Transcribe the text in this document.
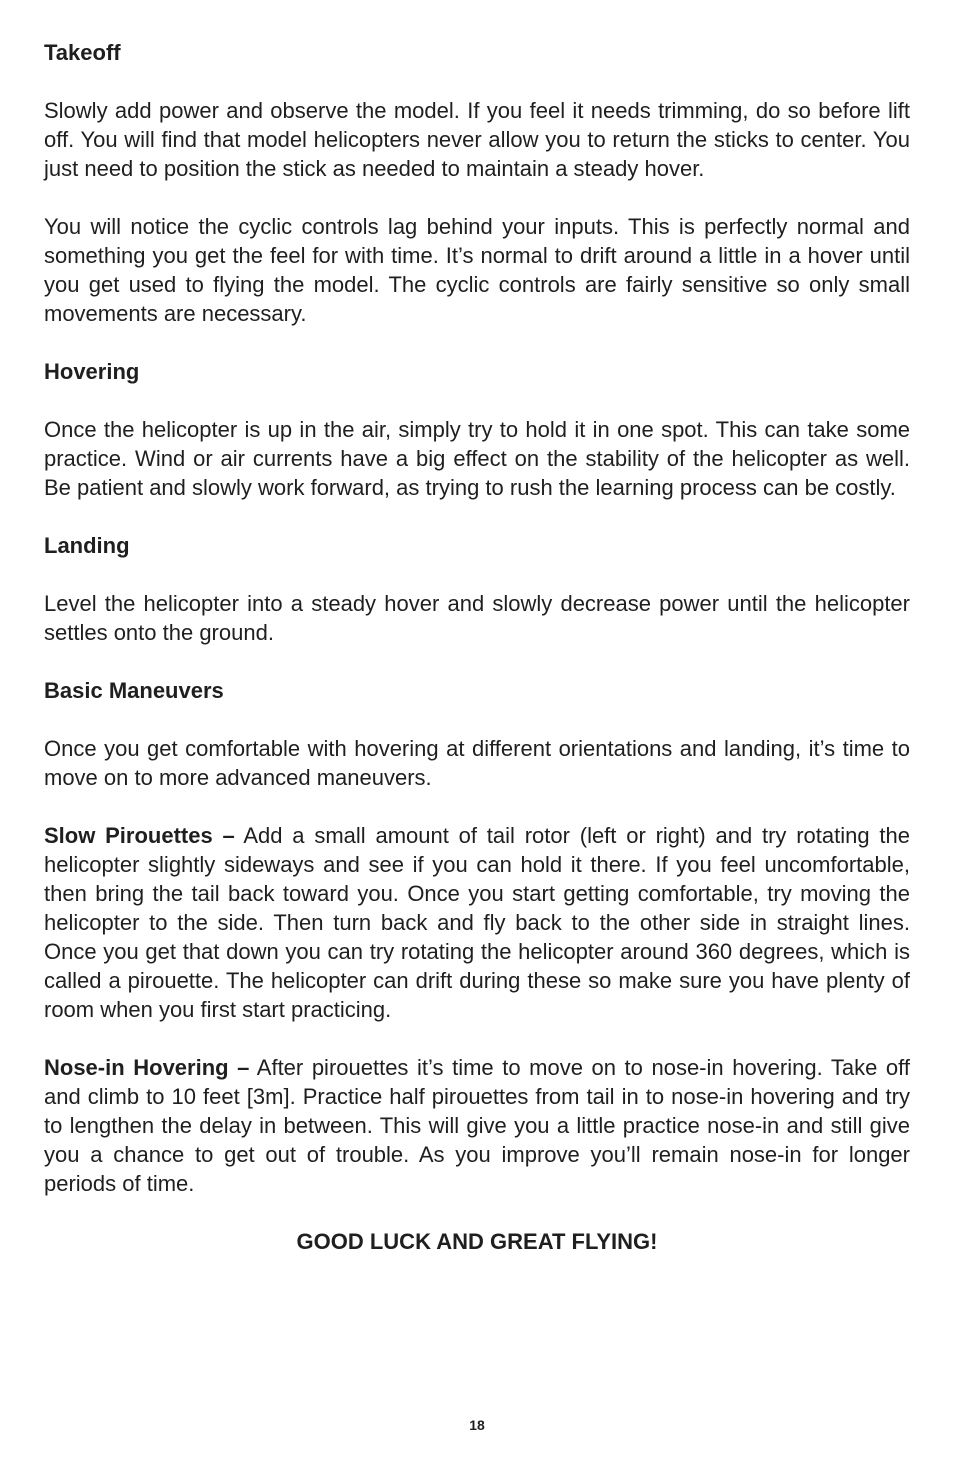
Takeoff

Slowly add power and observe the model. If you feel it needs trimming, do so before lift off. You will find that model helicopters never allow you to return the sticks to center. You just need to position the stick as needed to maintain a steady hover.

You will notice the cyclic controls lag behind your inputs. This is perfectly normal and something you get the feel for with time. It’s normal to drift around a little in a hover until you get used to flying the model. The cyclic controls are fairly sensitive so only small movements are necessary.

Hovering

Once the helicopter is up in the air, simply try to hold it in one spot. This can take some practice. Wind or air currents have a big effect on the stability of the helicopter as well. Be patient and slowly work forward, as trying to rush the learning process can be costly.

Landing

Level the helicopter into a steady hover and slowly decrease power until the helicopter settles onto the ground.

Basic Maneuvers

Once you get comfortable with hovering at different orientations and landing, it’s time to move on to more advanced maneuvers.

Slow Pirouettes – Add a small amount of tail rotor (left or right) and try rotating the helicopter slightly sideways and see if you can hold it there. If you feel uncomfortable, then bring the tail back toward you. Once you start getting comfortable, try moving the helicopter to the side. Then turn back and fly back to the other side in straight lines. Once you get that down you can try rotating the helicopter around 360 degrees, which is called a pirouette. The helicopter can drift during these so make sure you have plenty of room when you first start practicing.

Nose-in Hovering – After pirouettes it’s time to move on to nose-in hovering. Take off and climb to 10 feet [3m]. Practice half pirouettes from tail in to nose-in hovering and try to lengthen the delay in between. This will give you a little practice nose-in and still give you a chance to get out of trouble. As you improve you’ll remain nose-in for longer periods of time.

GOOD LUCK AND GREAT FLYING!

18
